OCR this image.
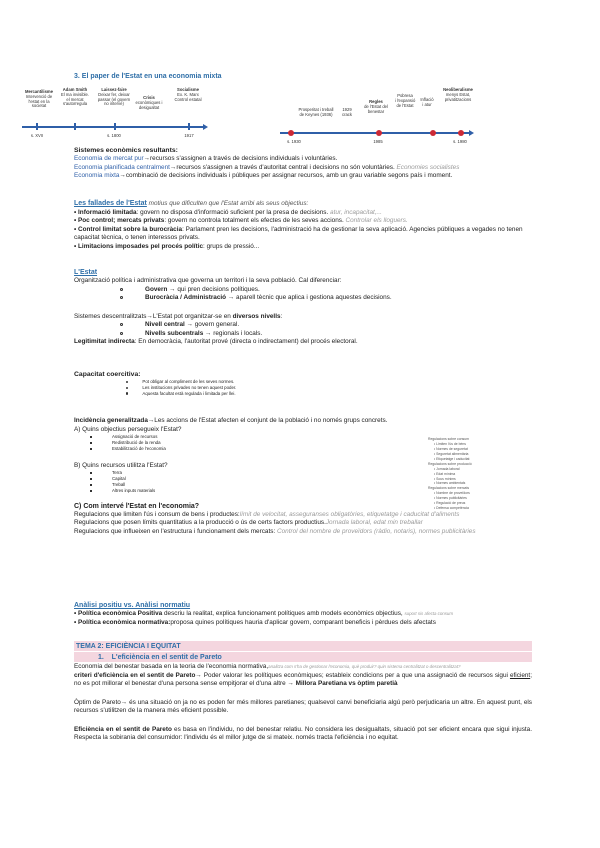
3. El paper de l'Estat en una economia mixta
Mercantilisme
Intervenció de l'estat en la
societat
Adam Smith
El ma invisible.
el mercat s'autorregula
Laissez-faire
Deixar fer, deixar
passar (el govern no intervé)
Crisis
econòmiques i
desigualtat
Socialisme
Ex. K. Marx
Control estatal
s. XVII	s. 1800	1917
Prosperitat i treball
de Keynes (1936)
1929
crack
Regles
de l'Estat del benestar
Pobresa
i l'expansió
de l'Estat
Inflació
i atur
Neoliberalisme
menys Estat,
privatitzacions
s. 1930	1985	s. 1980
Sistemes econòmics resultants:
Economia de mercat pur→recursos s'assignen a través de decisions individuals i voluntàries.
Economia planificada centralment→recursos s'assignen a través d'autoritat central i decisions no són voluntàries. Economies socialistes
Economia mixta→combinació de decisions individuals i públiques per assignar recursos, amb un grau variable segons país i moment.
Les fallades de l'Estat motius que dificulten que l'Estat arribi als seus objectius:
• Informació limitada: govern no disposa d'informació suficient per la presa de decisions. atur, incapacitat,...
• Poc control; mercats privats: govern no controla totalment els efectes de les seves accions. Controlar els lloguers.
• Control limitat sobre la burocràcia: Parlament pren les decisions, l'administració ha de gestionar la seva aplicació. Agencies públiques a vegades no tenen capacitat tècnica, o tenen interessos privats.
• Limitacions imposades pel procés polític: grups de pressió...
L'Estat
Organització política i administrativa que governa un territori i la seva població. Cal diferenciar:
Govern → qui pren decisions polítiques.
Burocràcia / Administració → aparell tècnic que aplica i gestiona aquestes decisions.
Sistemes descentralitzats→L'Estat pot organitzar-se en diversos nivells:
Nivell central → govern general.
Nivells subcentrals → regionals i locals.
Legitimitat indirecta: En democràcia, l'autoritat prové (directa o indirectament) del procés electoral.
Capacitat coercitiva:
Pot obligar al compliment de les seves normes.
Les institucions privades no tenen aquest poder.
Aquesta facultat està regulada i limitada per llei.
Incidència generalitzada→Les accions de l'Estat afecten el conjunt de la població i no només grups concrets.
A) Quins objectius persegueix l'Estat?
Assignació de recursos
Redistribució de la renda
Estabilització de l'economia
B) Quins recursos utilitza l'Estat?
Terra
Capital
Treball
Altres inputs materials
C) Com intervé l'Estat en l'economia?
Regulacions que limiten l'ús i consum de bens i productes:límit de velocitat, asseguranses obligatòries, etiquetatge i caducitat d'aliments
Regulacions que posen límits quantitatius a la producció o ús de certs factors productius.Jornada laboral, edat min treballar
Regulacions que influeixen en l'estructura i funcionament dels mercats: Control del nombre de proveïdors (ràdio, notaris), normes publicitàries
Regulacions sobre consum
• Limiten l'ús de béns
• Normes de seguretat
• Seguretat alimentària
• Etiquetatge i caducitat
Regulacions sobre producció
• Jornada laboral
• Edat mínima
• Sous mínims
• Normes ambientals
Regulacions sobre mercats
• Nombre de proveïdors
• Normes publicitàries
• Regulació de preus
• Defensa competència
Anàlisi positiu vs. Anàlisi normatiu
• Política econòmica Positiva descriu la realitat, explica funcionament polítiques amb models econòmics objectius, suport sis afecta consum
• Política econòmica normativa:proposa quines polítiques hauria d'aplicar govern, comparant beneficis i pèrdues dels afectats
TEMA 2: EFICIÈNCIA I EQUITAT
1. L'eficiència en el sentit de Pareto
Economia del benestar basada en la teoria de l'economia normativa,analitza com s'ha de gestionar l'economia, què produir? quin sistema centralitzat o descentralitzat?
criteri d'eficiència en el sentit de Pareto→ Poder valorar les polítiques econòmiques; estableix condicions per a que una assignació de recursos sigui eficient; no es pot millorar el benestar d'una persona sense empitjorar el d'una altre → Millora Paretiana vs òptim paretià
Òptim de Pareto→ és una situació on ja no es poden fer més millores paretianes; qualsevol canvi beneficiaria algú però perjudicaria un altre. En aquest punt, els recursos s'utilitzen de la manera més eficient possible.
Eficiència en el sentit de Pareto es basa en l'individu, no del benestar relatiu. No considera les desigualtats, situació pot ser eficient encara que sigui injusta. Respecta la sobirania del consumidor: l'individu és el millor jutge de si mateix. només tracta l'eficiència i no equitat.
